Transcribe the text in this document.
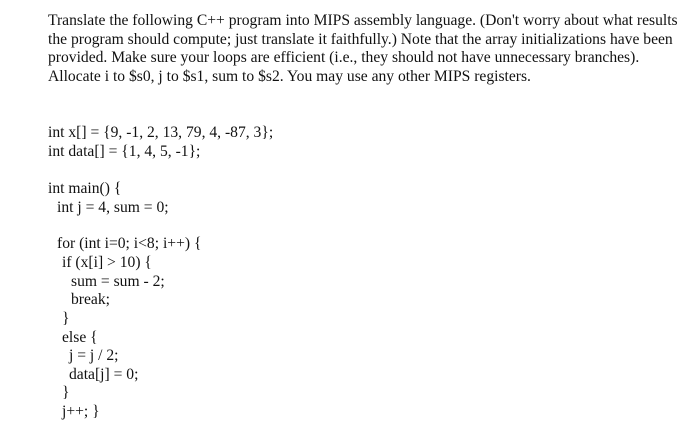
Translate the following C++ program into MIPS assembly language. (Don't worry about what results the program should compute; just translate it faithfully.) Note that the array initializations have been provided. Make sure your loops are efficient (i.e., they should not have unnecessary branches).
Allocate i to $s0, j to $s1, sum to $s2. You may use any other MIPS registers.
int x[] = {9, -1, 2, 13, 79, 4, -87, 3};
int data[] = {1, 4, 5, -1};
int main() {
int j = 4, sum = 0;
for (int i=0; i<8; i++) {
if (x[i] > 10) {
sum = sum - 2;
break;
}
else {
j = j / 2;
data[j] = 0;
}
j++; }
